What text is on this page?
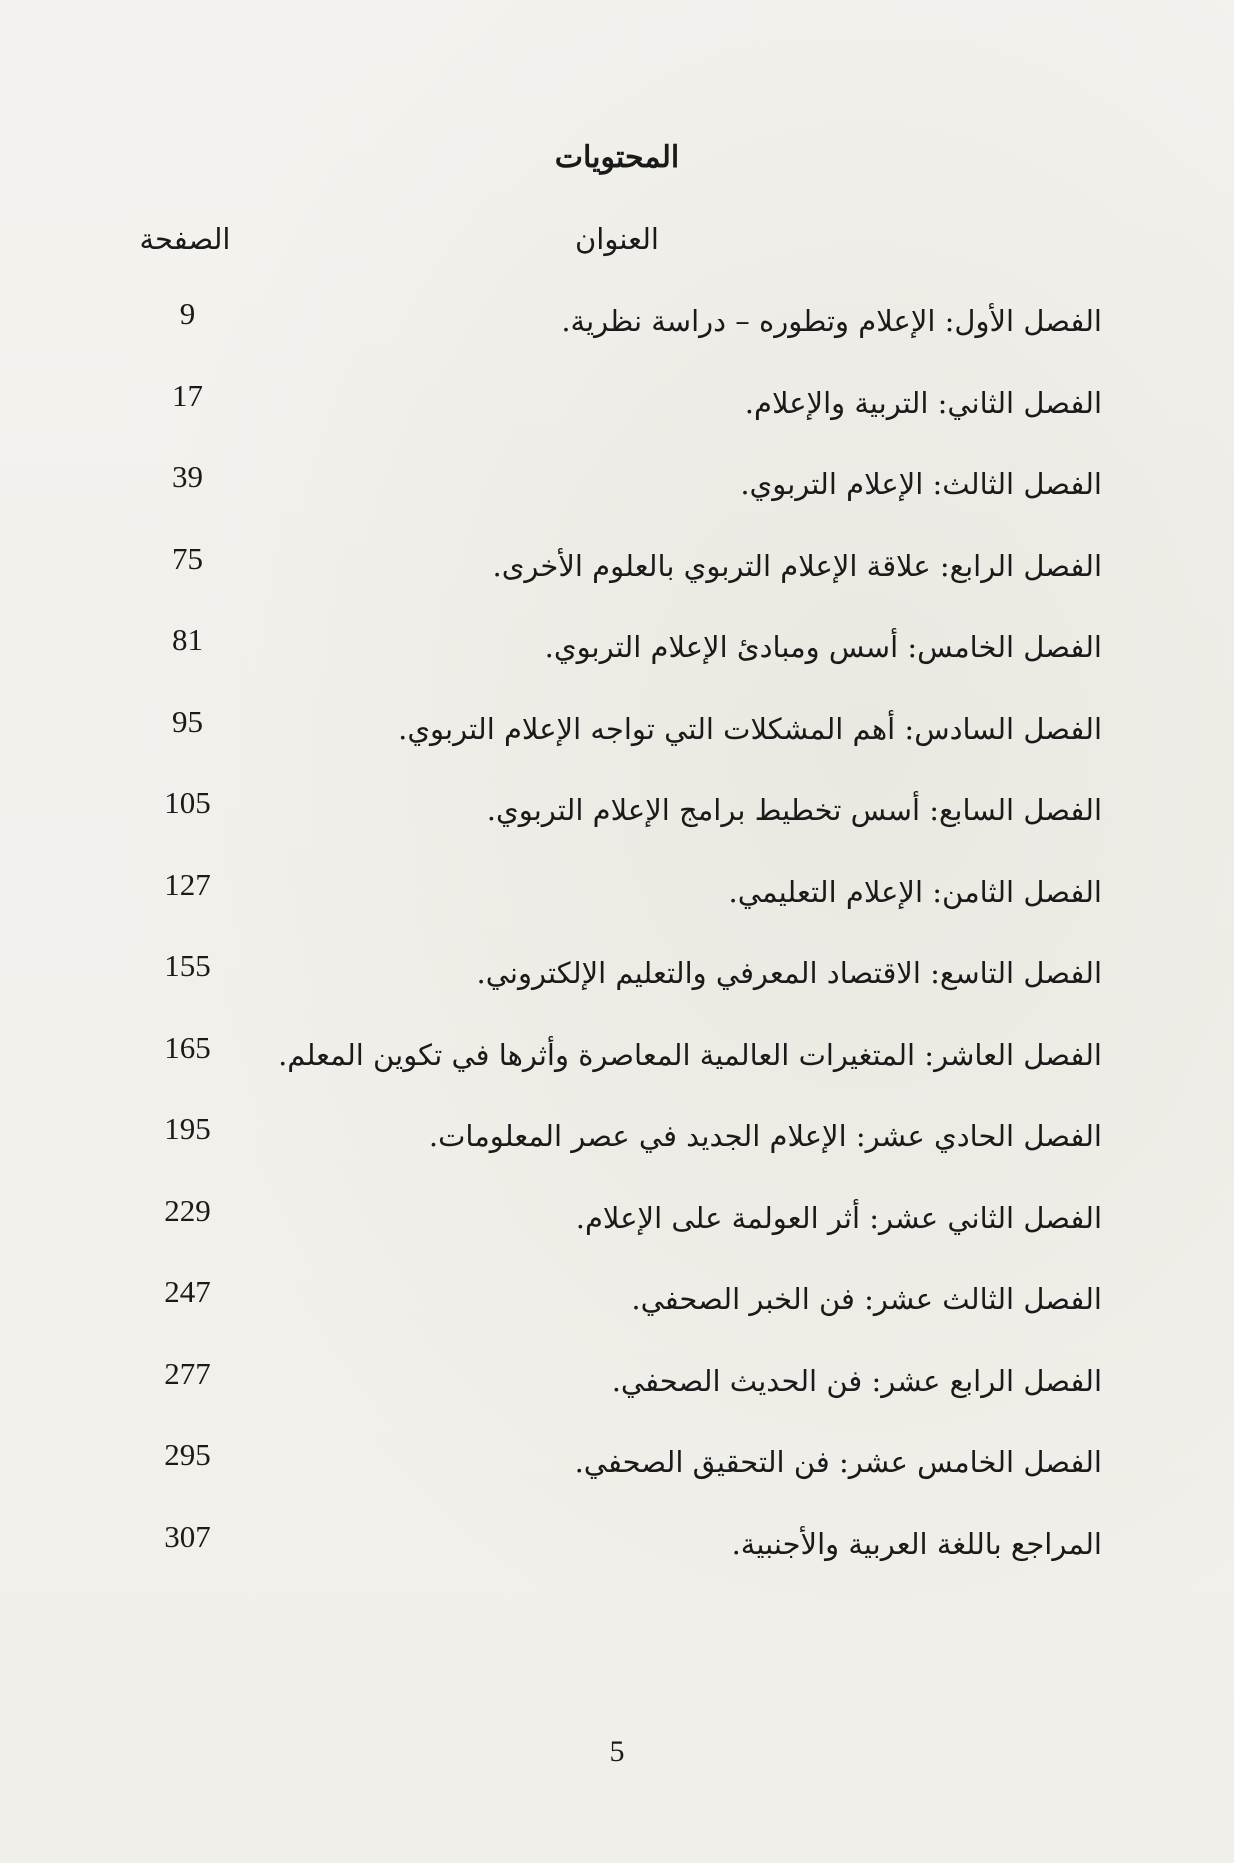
المحتويات
العنوان
الصفحة
الفصل الأول: الإعلام وتطوره – دراسة نظرية.
9
الفصل الثاني: التربية والإعلام.
17
الفصل الثالث: الإعلام التربوي.
39
الفصل الرابع: علاقة الإعلام التربوي بالعلوم الأخرى.
75
الفصل الخامس: أسس ومبادئ الإعلام التربوي.
81
الفصل السادس: أهم المشكلات التي تواجه الإعلام التربوي.
95
الفصل السابع: أسس تخطيط برامج الإعلام التربوي.
105
الفصل الثامن: الإعلام التعليمي.
127
الفصل التاسع: الاقتصاد المعرفي والتعليم الإلكتروني.
155
الفصل العاشر: المتغيرات العالمية المعاصرة وأثرها في تكوين المعلم.
165
الفصل الحادي عشر: الإعلام الجديد في عصر المعلومات.
195
الفصل الثاني عشر: أثر العولمة على الإعلام.
229
الفصل الثالث عشر: فن الخبر الصحفي.
247
الفصل الرابع عشر: فن الحديث الصحفي.
277
الفصل الخامس عشر: فن التحقيق الصحفي.
295
المراجع باللغة العربية والأجنبية.
307
5
